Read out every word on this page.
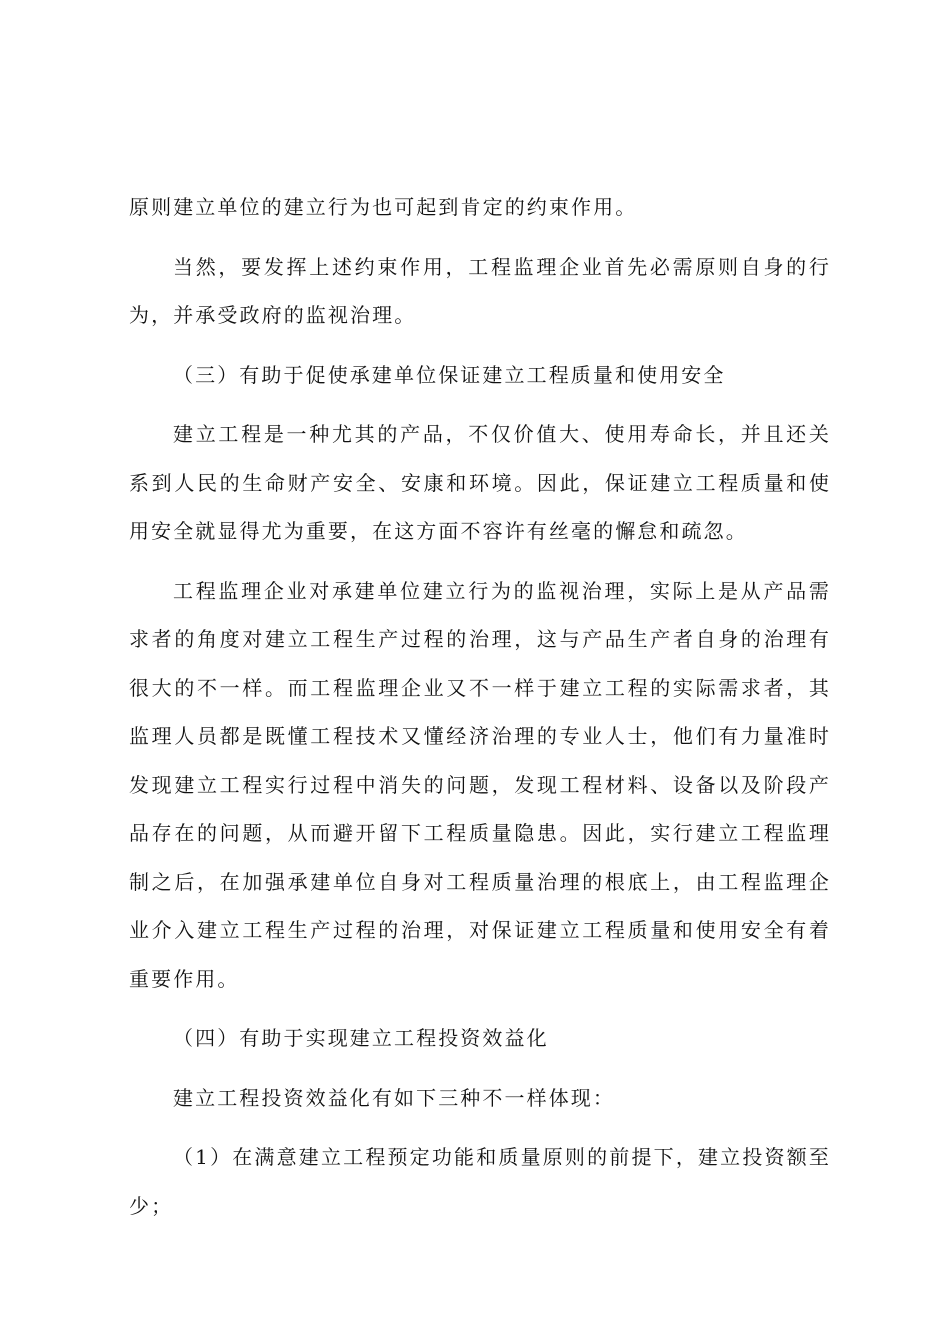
原则建立单位的建立行为也可起到肯定的约束作用。

当然，要发挥上述约束作用，工程监理企业首先必需原则自身的行为，并承受政府的监视治理。

（三）有助于促使承建单位保证建立工程质量和使用安全

建立工程是一种尤其的产品，不仅价值大、使用寿命长，并且还关系到人民的生命财产安全、安康和环境。因此，保证建立工程质量和使用安全就显得尤为重要，在这方面不容许有丝毫的懈怠和疏忽。

工程监理企业对承建单位建立行为的监视治理，实际上是从产品需求者的角度对建立工程生产过程的治理，这与产品生产者自身的治理有很大的不一样。而工程监理企业又不一样于建立工程的实际需求者，其监理人员都是既懂工程技术又懂经济治理的专业人士，他们有力量准时发现建立工程实行过程中消失的问题，发现工程材料、设备以及阶段产品存在的问题，从而避开留下工程质量隐患。因此，实行建立工程监理制之后，在加强承建单位自身对工程质量治理的根底上，由工程监理企业介入建立工程生产过程的治理，对保证建立工程质量和使用安全有着重要作用。

（四）有助于实现建立工程投资效益化

建立工程投资效益化有如下三种不一样体现：

（1）在满意建立工程预定功能和质量原则的前提下，建立投资额至少；
